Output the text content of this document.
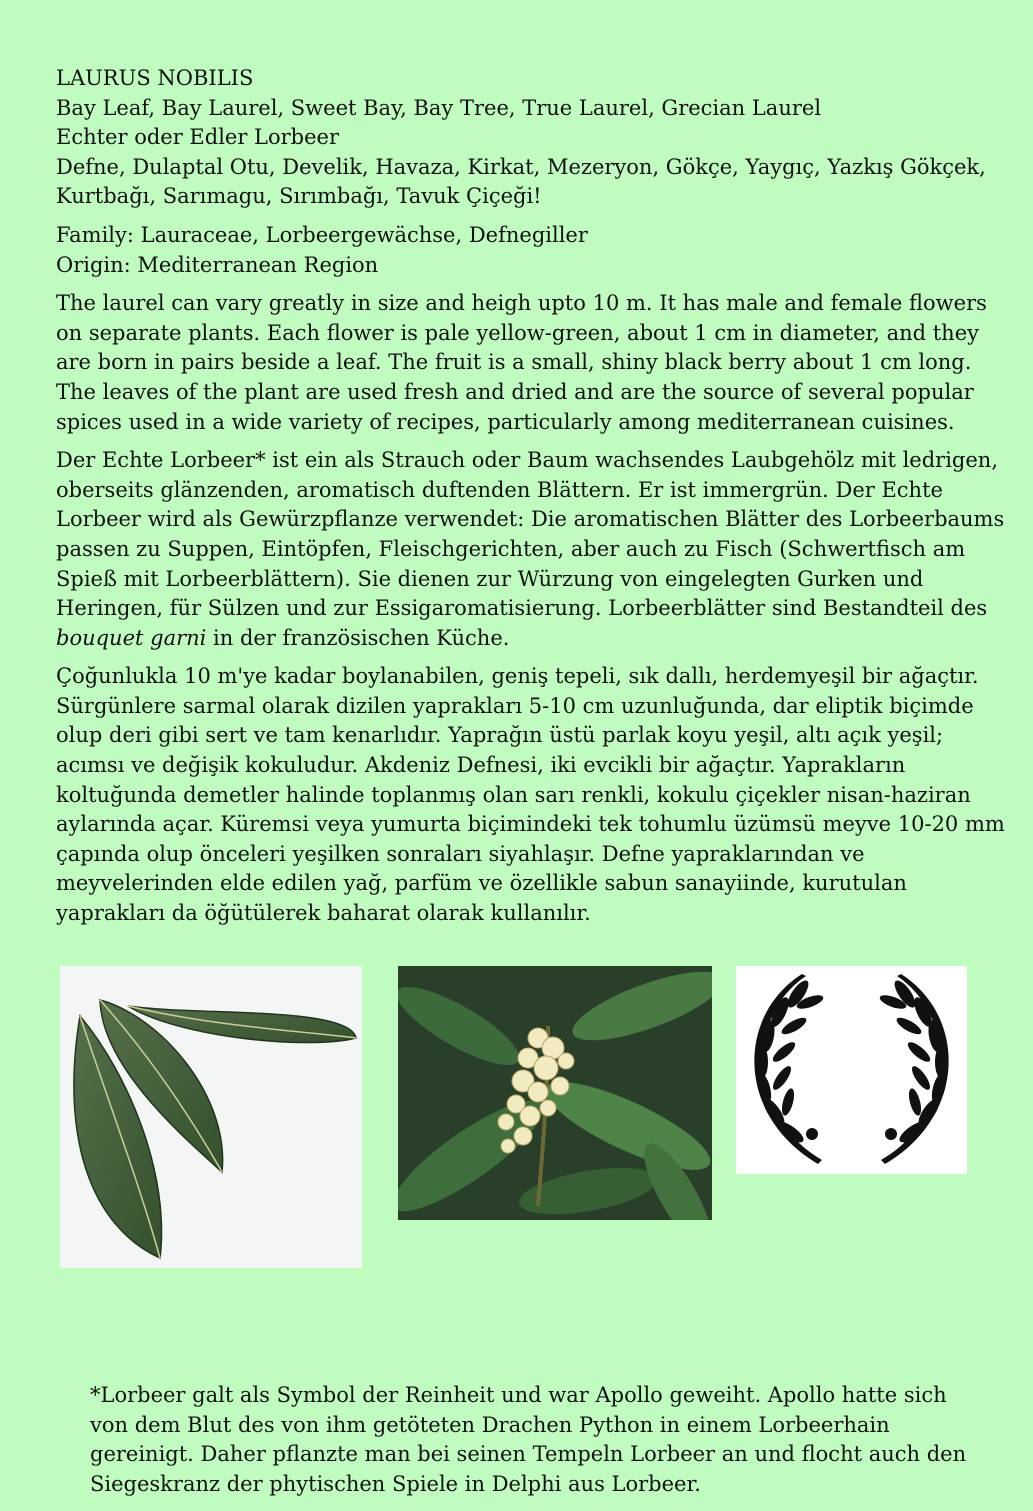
LAURUS NOBILIS
Bay Leaf, Bay Laurel, Sweet Bay, Bay Tree, True Laurel, Grecian Laurel
Echter oder Edler Lorbeer
Defne, Dulaptal Otu, Develik, Havaza, Kirkat, Mezeryon, Gökçe, Yaygıç, Yazkış Gökçek,
Kurtbağı, Sarımagu, Sırımbağı, Tavuk Çiçeği!
Family: Lauraceae, Lorbeergewächse, Defnegiller
Origin: Mediterranean Region

The laurel can vary greatly in size and heigh upto 10 m. It has male and female flowers on separate plants. Each flower is pale yellow-green, about 1 cm in diameter, and they are born in pairs beside a leaf. The fruit is a small, shiny black berry about 1 cm long. The leaves of the plant are used fresh and dried and are the source of several popular spices used in a wide variety of recipes, particularly among mediterranean cuisines.

Der Echte Lorbeer* ist ein als Strauch oder Baum wachsendes Laubgehölz mit ledrigen, oberseits glänzenden, aromatisch duftenden Blättern. Er ist immergrün. Der Echte Lorbeer wird als Gewürzpflanze verwendet: Die aromatischen Blätter des Lorbeerbaums passen zu Suppen, Eintöpfen, Fleischgerichten, aber auch zu Fisch (Schwertfisch am Spieß mit Lorbeerblättern). Sie dienen zur Würzung von eingelegten Gurken und Heringen, für Sülzen und zur Essigaromatisierung. Lorbeerblätter sind Bestandteil des bouquet garni in der französischen Küche.

Çoğunlukla 10 m'ye kadar boylanabilen, geniş tepeli, sık dallı, herdemyeşil bir ağaçtır. Sürgünlere sarmal olarak dizilen yaprakları 5-10 cm uzunluğunda, dar eliptik biçimde olup deri gibi sert ve tam kenarlıdır. Yaprağın üstü parlak koyu yeşil, altı açık yeşil; acımsı ve değişik kokuludur. Akdeniz Defnesi, iki evcikli bir ağaçtır. Yaprakların koltuğunda demetler halinde toplanmış olan sarı renkli, kokulu çiçekler nisan-haziran aylarında açar. Küremsi veya yumurta biçimindeki tek tohumlu üzümsü meyve 10-20 mm çapında olup önceleri yeşilken sonraları siyahlaşır. Defne yapraklarından ve meyvelerinden elde edilen yağ, parfüm ve özellikle sabun sanayiinde, kurutulan yaprakları da öğütülerek baharat olarak kullanılır.

*Lorbeer galt als Symbol der Reinheit und war Apollo geweiht. Apollo hatte sich von dem Blut des von ihm getöteten Drachen Python in einem Lorbeerhain gereinigt. Daher pflanzte man bei seinen Tempeln Lorbeer an und flocht auch den Siegeskranz der phytischen Spiele in Delphi aus Lorbeer.
